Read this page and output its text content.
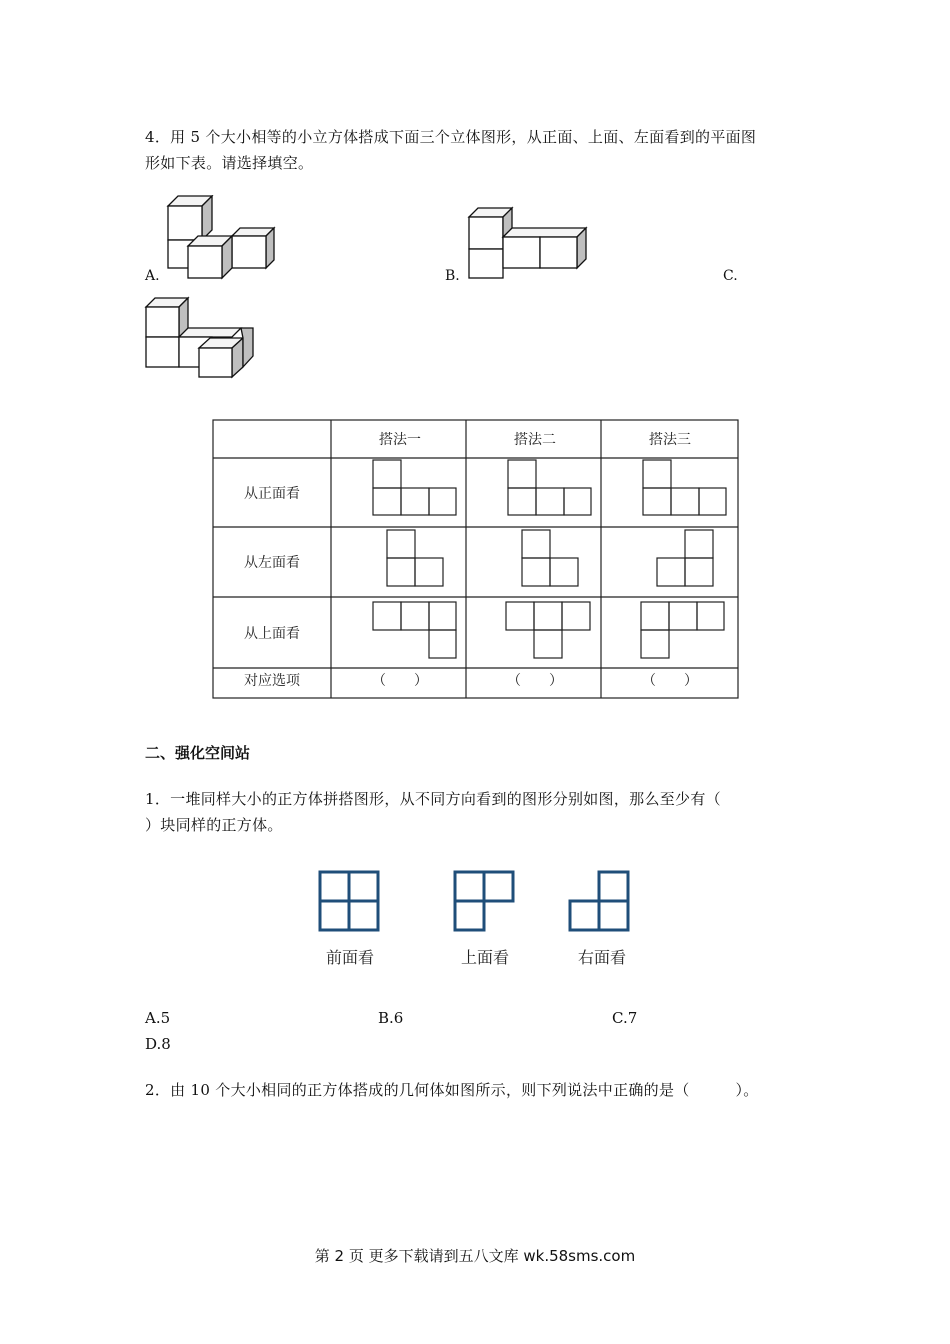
4．用 5 个大小相等的小立方体搭成下面三个立体图形，从正面、上面、左面看到的平面图
形如下表。请选择填空。
A.	B.	C.
搭法一	搭法二	搭法三
从正面看
从左面看
从上面看
对应选项	（　　）	（　　）	（　　）
二、强化空间站
1．一堆同样大小的正方体拼搭图形，从不同方向看到的图形分别如图，那么至少有（
）块同样的正方体。
前面看	上面看	右面看
A.5	B.6	C.7
D.8
2．由 10 个大小相同的正方体搭成的几何体如图所示，则下列说法中正确的是（　　　）。
第 2 页 更多下载请到五八文库 wk.58sms.com
